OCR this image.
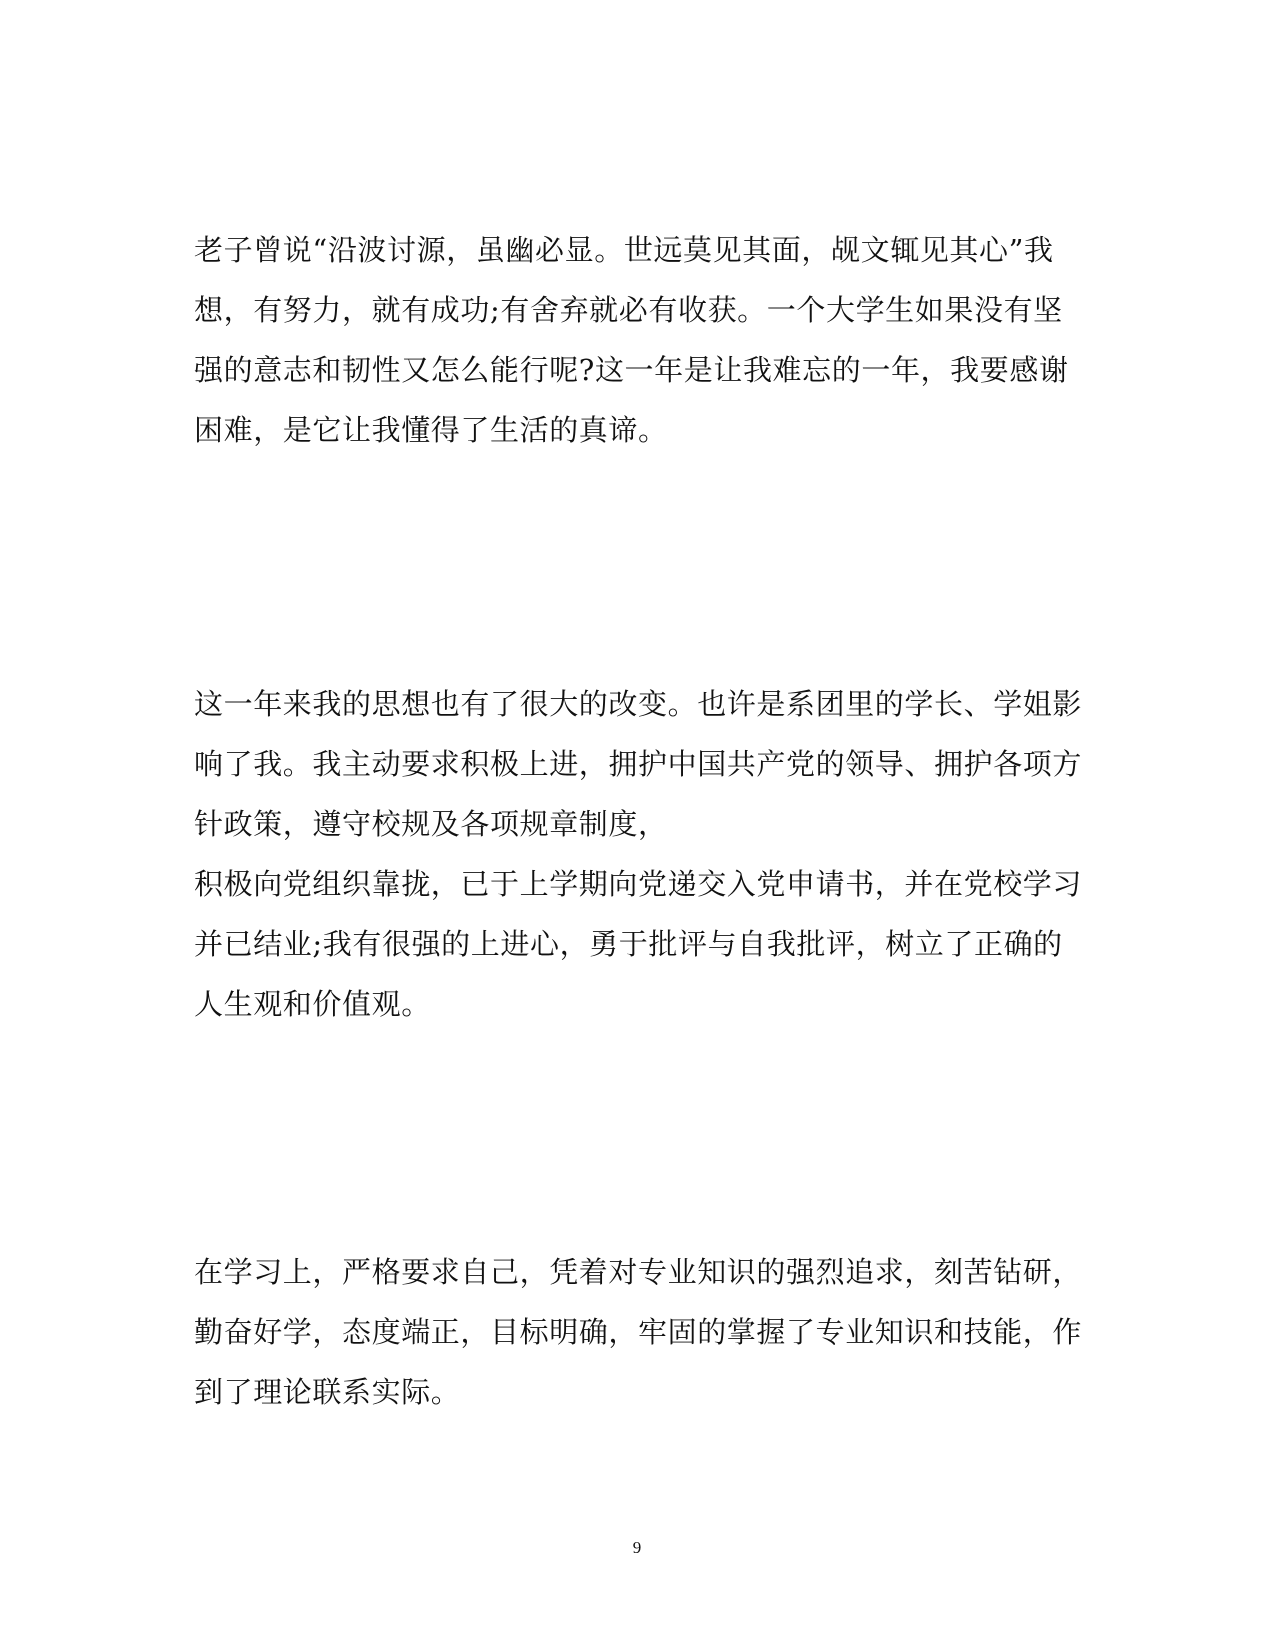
老子曾说“沿波讨源，虽幽必显。世远莫见其面，觇文辄见其心”我
想，有努力，就有成功;有舍弃就必有收获。一个大学生如果没有坚
强的意志和韧性又怎么能行呢?这一年是让我难忘的一年，我要感谢
困难，是它让我懂得了生活的真谛。
这一年来我的思想也有了很大的改变。也许是系团里的学长、学姐影
响了我。我主动要求积极上进，拥护中国共产党的领导、拥护各项方
针政策，遵守校规及各项规章制度，
积极向党组织靠拢，已于上学期向党递交入党申请书，并在党校学习
并已结业;我有很强的上进心，勇于批评与自我批评，树立了正确的
人生观和价值观。
在学习上，严格要求自己，凭着对专业知识的强烈追求，刻苦钻研，
勤奋好学，态度端正，目标明确，牢固的掌握了专业知识和技能，作
到了理论联系实际。
9
